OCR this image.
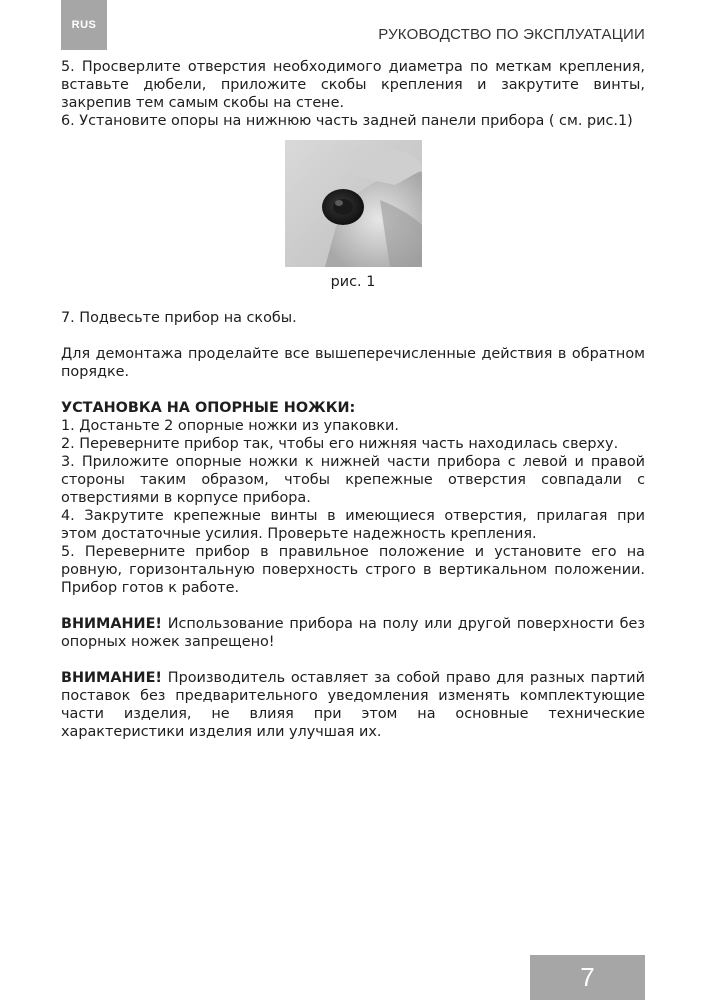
RUS
РУКОВОДСТВО ПО ЭКСПЛУАТАЦИИ

5. Просверлите отверстия необходимого диаметра по меткам крепления, вставьте дюбели, приложите скобы крепления и закрутите винты, закрепив тем самым скобы на стене.

6. Установите опоры на нижнюю часть задней панели прибора ( см. рис.1)

рис. 1

7. Подвесьте прибор на скобы.

Для демонтажа проделайте все вышеперечисленные действия в обратном порядке.

УСТАНОВКА НА ОПОРНЫЕ НОЖКИ:

1. Достаньте 2 опорные ножки из упаковки.

2. Переверните прибор так, чтобы его нижняя часть находилась сверху.

3. Приложите опорные ножки к нижней части прибора с левой и правой стороны таким образом, чтобы крепежные отверстия совпадали с отверстиями в корпусе прибора.

4. Закрутите крепежные винты в имеющиеся отверстия, прилагая при этом достаточные усилия. Проверьте надежность крепления.

5. Переверните прибор в правильное положение и установите его на ровную, горизонтальную поверхность строго в вертикальном положении. Прибор готов к работе.

ВНИМАНИЕ! Использование прибора на полу или другой поверхности без опорных ножек запрещено!

ВНИМАНИЕ! Производитель оставляет за собой право для разных партий поставок без предварительного уведомления изменять комплектующие части изделия, не влияя при этом на основные технические характеристики изделия или улучшая их.

7
